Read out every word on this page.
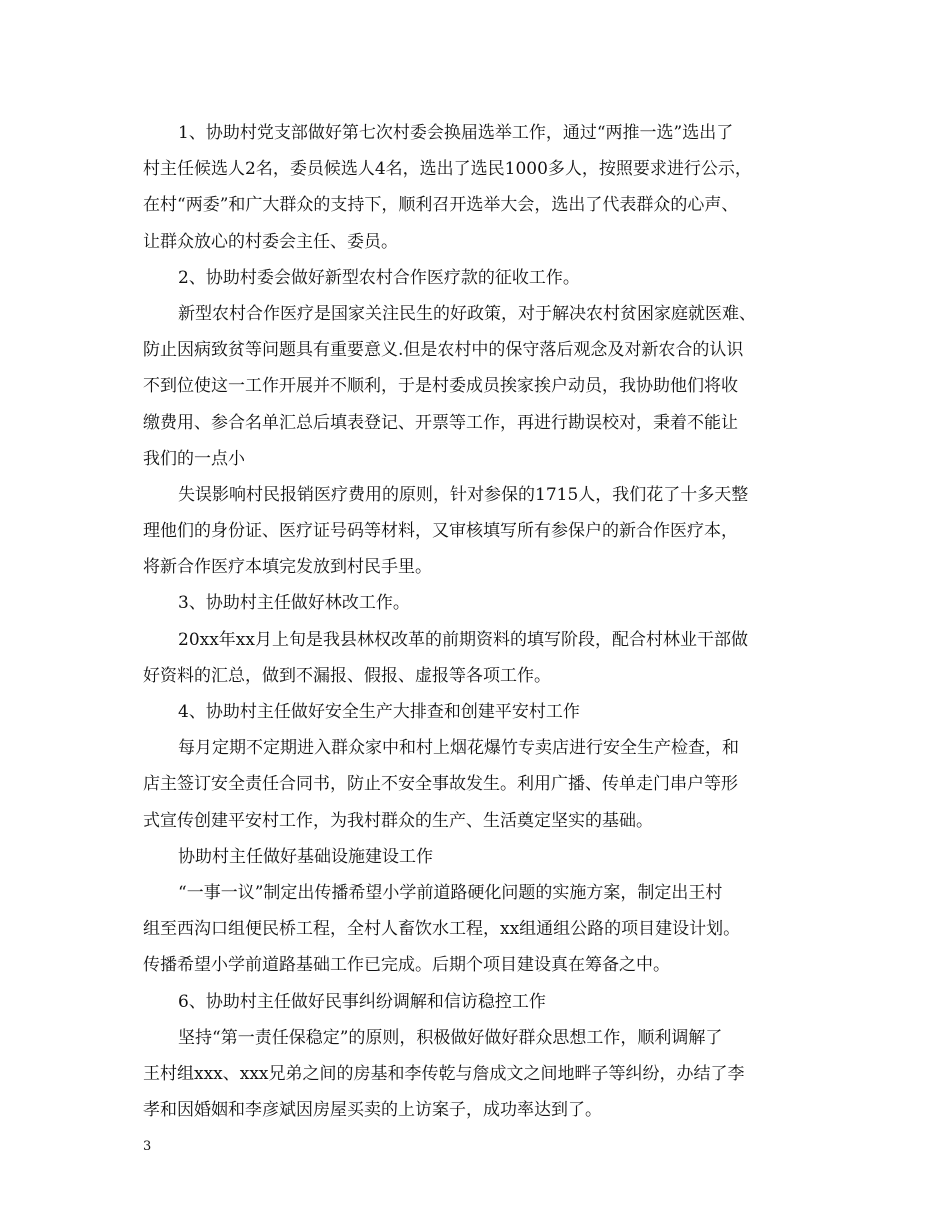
1、协助村党支部做好第七次村委会换届选举工作，通过“两推一选”选出了
村主任候选人2名，委员候选人4名，选出了选民1000多人，按照要求进行公示，
在村“两委”和广大群众的支持下，顺利召开选举大会，选出了代表群众的心声、
让群众放心的村委会主任、委员。
2、协助村委会做好新型农村合作医疗款的征收工作。
新型农村合作医疗是国家关注民生的好政策，对于解决农村贫困家庭就医难、
防止因病致贫等问题具有重要意义.但是农村中的保守落后观念及对新农合的认识
不到位使这一工作开展并不顺利，于是村委成员挨家挨户动员，我协助他们将收
缴费用、参合名单汇总后填表登记、开票等工作，再进行勘误校对，秉着不能让
我们的一点小
失误影响村民报销医疗费用的原则，针对参保的1715人，我们花了十多天整
理他们的身份证、医疗证号码等材料，又审核填写所有参保户的新合作医疗本，
将新合作医疗本填完发放到村民手里。
3、协助村主任做好林改工作。
20xx年xx月上旬是我县林权改革的前期资料的填写阶段，配合村林业干部做
好资料的汇总，做到不漏报、假报、虚报等各项工作。
4、协助村主任做好安全生产大排查和创建平安村工作
每月定期不定期进入群众家中和村上烟花爆竹专卖店进行安全生产检查，和
店主签订安全责任合同书，防止不安全事故发生。利用广播、传单走门串户等形
式宣传创建平安村工作，为我村群众的生产、生活奠定坚实的基础。
协助村主任做好基础设施建设工作
“一事一议”制定出传播希望小学前道路硬化问题的实施方案，制定出王村
组至西沟口组便民桥工程，全村人畜饮水工程，xx组通组公路的项目建设计划。
传播希望小学前道路基础工作已完成。后期个项目建设真在筹备之中。
6、协助村主任做好民事纠纷调解和信访稳控工作
坚持“第一责任保稳定”的原则，积极做好做好群众思想工作，顺利调解了
王村组xxx、xxx兄弟之间的房基和李传乾与詹成文之间地畔子等纠纷，办结了李
孝和因婚姻和李彦斌因房屋买卖的上访案子，成功率达到了。
3
